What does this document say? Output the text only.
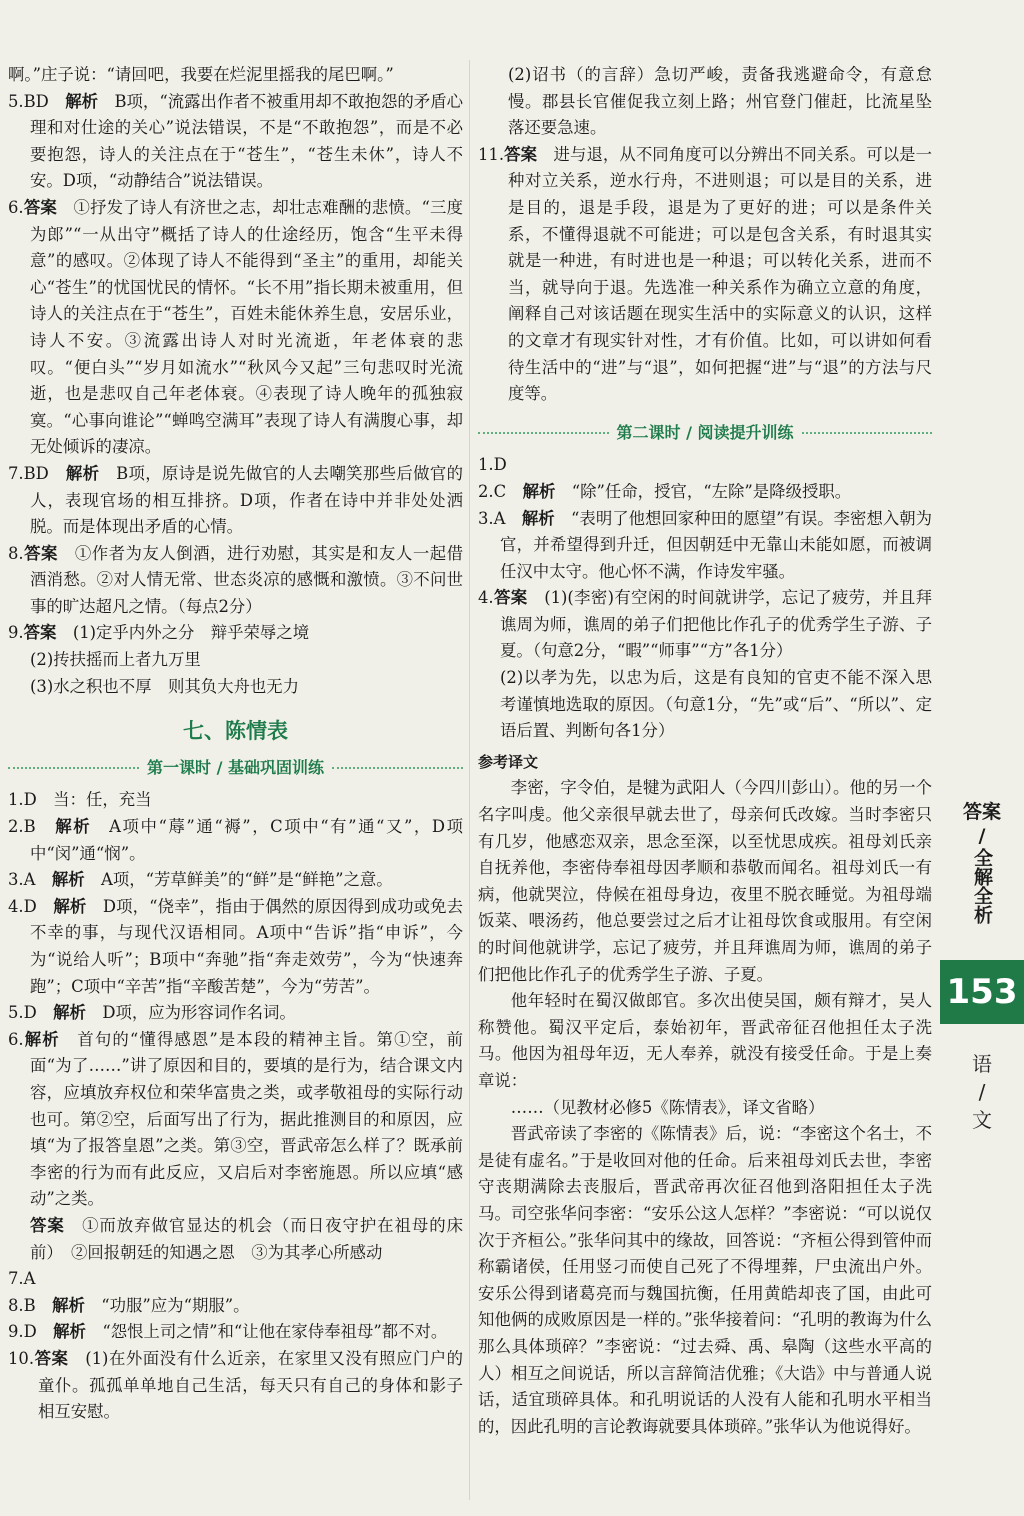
啊。”庄子说：“请回吧，我要在烂泥里摇我的尾巴啊。”

5.BD　 解析　 B项，“流露出作者不被重用却不敢抱怨的矛盾心理和对仕途的关心”说法错误，不是“不敢抱怨”，而是不必要抱怨，诗人的关注点在于“苍生”，“苍生未休”，诗人不安。D项，“动静结合”说法错误。

6.答案　 ①抒发了诗人有济世之志，却壮志难酬的悲愤。“三度为郎”“一从出守”概括了诗人的仕途经历，饱含“生平未得意”的感叹。②体现了诗人不能得到“圣主”的重用，却能关心“苍生”的忧国忧民的情怀。“长不用”指长期未被重用，但诗人的关注点在于“苍生”，百姓未能休养生息，安居乐业，诗人不安。③流露出诗人对时光流逝，年老体衰的悲叹。“便白头”“岁月如流水”“秋风今又起”三句悲叹时光流逝，也是悲叹自己年老体衰。④表现了诗人晚年的孤独寂寞。“心事向谁论”“蝉鸣空满耳”表现了诗人有满腹心事，却无处倾诉的凄凉。

7.BD　 解析　 B项，原诗是说先做官的人去嘲笑那些后做官的人，表现官场的相互排挤。D项，作者在诗中并非处处洒脱。而是体现出矛盾的心情。

8.答案　 ①作者为友人倒酒，进行劝慰，其实是和友人一起借酒消愁。②对人情无常、世态炎凉的感慨和激愤。③不问世事的旷达超凡之情。（每点2分）

9.答案　 (1)定乎内外之分　辩乎荣辱之境

(2)抟扶摇而上者九万里

(3)水之积也不厚　则其负大舟也无力

七、陈情表
第一课时 / 基础巩固训练

1.D　当：任，充当

2.B　 解析　 A项中“蓐”通“褥”，C项中“有”通“又”，D项中“闵”通“悯”。

3.A　 解析　 A项，“芳草鲜美”的“鲜”是“鲜艳”之意。

4.D　 解析　 D项，“侥幸”，指由于偶然的原因得到成功或免去不幸的事，与现代汉语相同。A项中“告诉”指“申诉”，今为“说给人听”；B项中“奔驰”指“奔走效劳”，今为“快速奔跑”；C项中“辛苦”指“辛酸苦楚”，今为“劳苦”。

5.D　 解析　 D项，应为形容词作名词。

6.解析　 首句的“懂得感恩”是本段的精神主旨。第①空，前面“为了……”讲了原因和目的，要填的是行为，结合课文内容，应填放弃权位和荣华富贵之类，或孝敬祖母的实际行动也可。第②空，后面写出了行为，据此推测目的和原因，应填“为了报答皇恩”之类。第③空，晋武帝怎么样了？既承前李密的行为而有此反应，又启后对李密施恩。所以应填“感动”之类。

答案　 ①而放弃做官显达的机会（而日夜守护在祖母的床前）　②回报朝廷的知遇之恩　③为其孝心所感动

7.A

8.B　 解析　 “功服”应为“期服”。

9.D　 解析　 “怨恨上司之情”和“让他在家侍奉祖母”都不对。

10.答案　 (1)在外面没有什么近亲，在家里又没有照应门户的童仆。孤孤单单地自己生活，每天只有自己的身体和影子相互安慰。

(2)诏书（的言辞）急切严峻，责备我逃避命令，有意怠慢。郡县长官催促我立刻上路；州官登门催赶，比流星坠落还要急速。

11.答案　 进与退，从不同角度可以分辨出不同关系。可以是一种对立关系，逆水行舟，不进则退；可以是目的关系，进是目的，退是手段，退是为了更好的进；可以是条件关系，不懂得退就不可能进；可以是包含关系，有时退其实就是一种进，有时进也是一种退；可以转化关系，进而不当，就导向于退。先选准一种关系作为确立立意的角度，阐释自己对该话题在现实生活中的实际意义的认识，这样的文章才有现实针对性，才有价值。比如，可以讲如何看待生活中的“进”与“退”，如何把握“进”与“退”的方法与尺度等。

第二课时 / 阅读提升训练

1.D

2.C　 解析　 “除”任命，授官，“左除”是降级授职。

3.A　 解析　 “表明了他想回家种田的愿望”有误。李密想入朝为官，并希望得到升迁，但因朝廷中无靠山未能如愿，而被调任汉中太守。他心怀不满，作诗发牢骚。

4.答案　 (1)(李密)有空闲的时间就讲学，忘记了疲劳，并且拜谯周为师，谯周的弟子们把他比作孔子的优秀学生子游、子夏。（句意2分，“暇”“师事”“方”各1分）

(2)以孝为先，以忠为后，这是有良知的官吏不能不深入思考谨慎地选取的原因。（句意1分，“先”或“后”、“所以”、定语后置、判断句各1分）

参考译文

李密，字令伯，是犍为武阳人（今四川彭山）。他的另一个名字叫虔。他父亲很早就去世了，母亲何氏改嫁。当时李密只有几岁，他感恋双亲，思念至深，以至忧思成疾。祖母刘氏亲自抚养他，李密侍奉祖母因孝顺和恭敬而闻名。祖母刘氏一有病，他就哭泣，侍候在祖母身边，夜里不脱衣睡觉。为祖母端饭菜、喂汤药，他总要尝过之后才让祖母饮食或服用。有空闲的时间他就讲学，忘记了疲劳，并且拜谯周为师，谯周的弟子们把他比作孔子的优秀学生子游、子夏。

他年轻时在蜀汉做郎官。多次出使吴国，颇有辩才，吴人称赞他。蜀汉平定后，泰始初年，晋武帝征召他担任太子洗马。他因为祖母年迈，无人奉养，就没有接受任命。于是上奏章说：

……（见教材必修5《陈情表》，译文省略）

晋武帝读了李密的《陈情表》后，说：“李密这个名士，不是徒有虚名。”于是收回对他的任命。后来祖母刘氏去世，李密守丧期满除去丧服后，晋武帝再次征召他到洛阳担任太子洗马。司空张华问李密：“安乐公这人怎样？”李密说：“可以说仅次于齐桓公。”张华问其中的缘故，回答说：“齐桓公得到管仲而称霸诸侯，任用竖刁而使自己死了不得埋葬，尸虫流出户外。安乐公得到诸葛亮而与魏国抗衡，任用黄皓却丧了国，由此可知他俩的成败原因是一样的。”张华接着问：“孔明的教诲为什么那么具体琐碎？”李密说：“过去舜、禹、皋陶（这些水平高的人）相互之间说话，所以言辞简洁优雅；《大诰》中与普通人说话，适宜琐碎具体。和孔明说话的人没有人能和孔明水平相当的，因此孔明的言论教诲就要具体琐碎。”张华认为他说得好。

答案
/
全解全析
153
语
/
文
